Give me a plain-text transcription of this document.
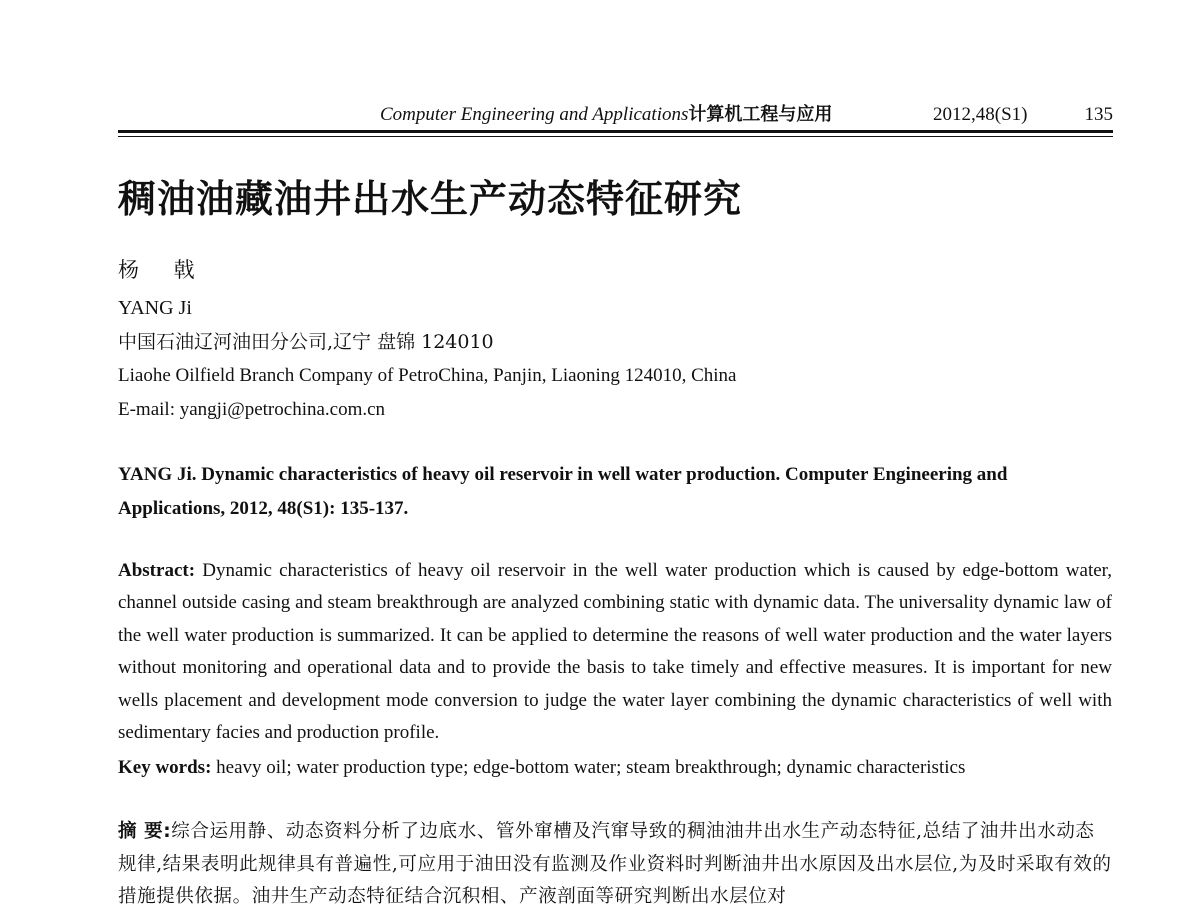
Computer Engineering and Applications计算机工程与应用	2012,48(S1)	135
稠油油藏油井出水生产动态特征研究
杨 戟
YANG Ji
中国石油辽河油田分公司,辽宁 盘锦 124010
Liaohe Oilfield Branch Company of PetroChina, Panjin, Liaoning 124010, China
E-mail: yangji@petrochina.com.cn
YANG Ji. Dynamic characteristics of heavy oil reservoir in well water production. Computer Engineering and Applications, 2012, 48(S1): 135-137.
Abstract: Dynamic characteristics of heavy oil reservoir in the well water production which is caused by edge-bottom water, channel outside casing and steam breakthrough are analyzed combining static with dynamic data. The universality dynamic law of the well water production is summarized. It can be applied to determine the reasons of well water production and the water layers without monitoring and operational data and to provide the basis to take timely and effective measures. It is important for new wells placement and development mode conversion to judge the water layer combining the dynamic characteristics of well with sedimentary facies and production profile.
Key words: heavy oil; water production type; edge-bottom water; steam breakthrough; dynamic characteristics
摘 要:综合运用静、动态资料分析了边底水、管外窜槽及汽窜导致的稠油油井出水生产动态特征,总结了油井出水动态规律,结果表明此规律具有普遍性,可应用于油田没有监测及作业资料时判断油井出水原因及出水层位,为及时采取有效的措施提供依据。油井生产动态特征结合沉积相、产液剖面等研究判断出水层位对
